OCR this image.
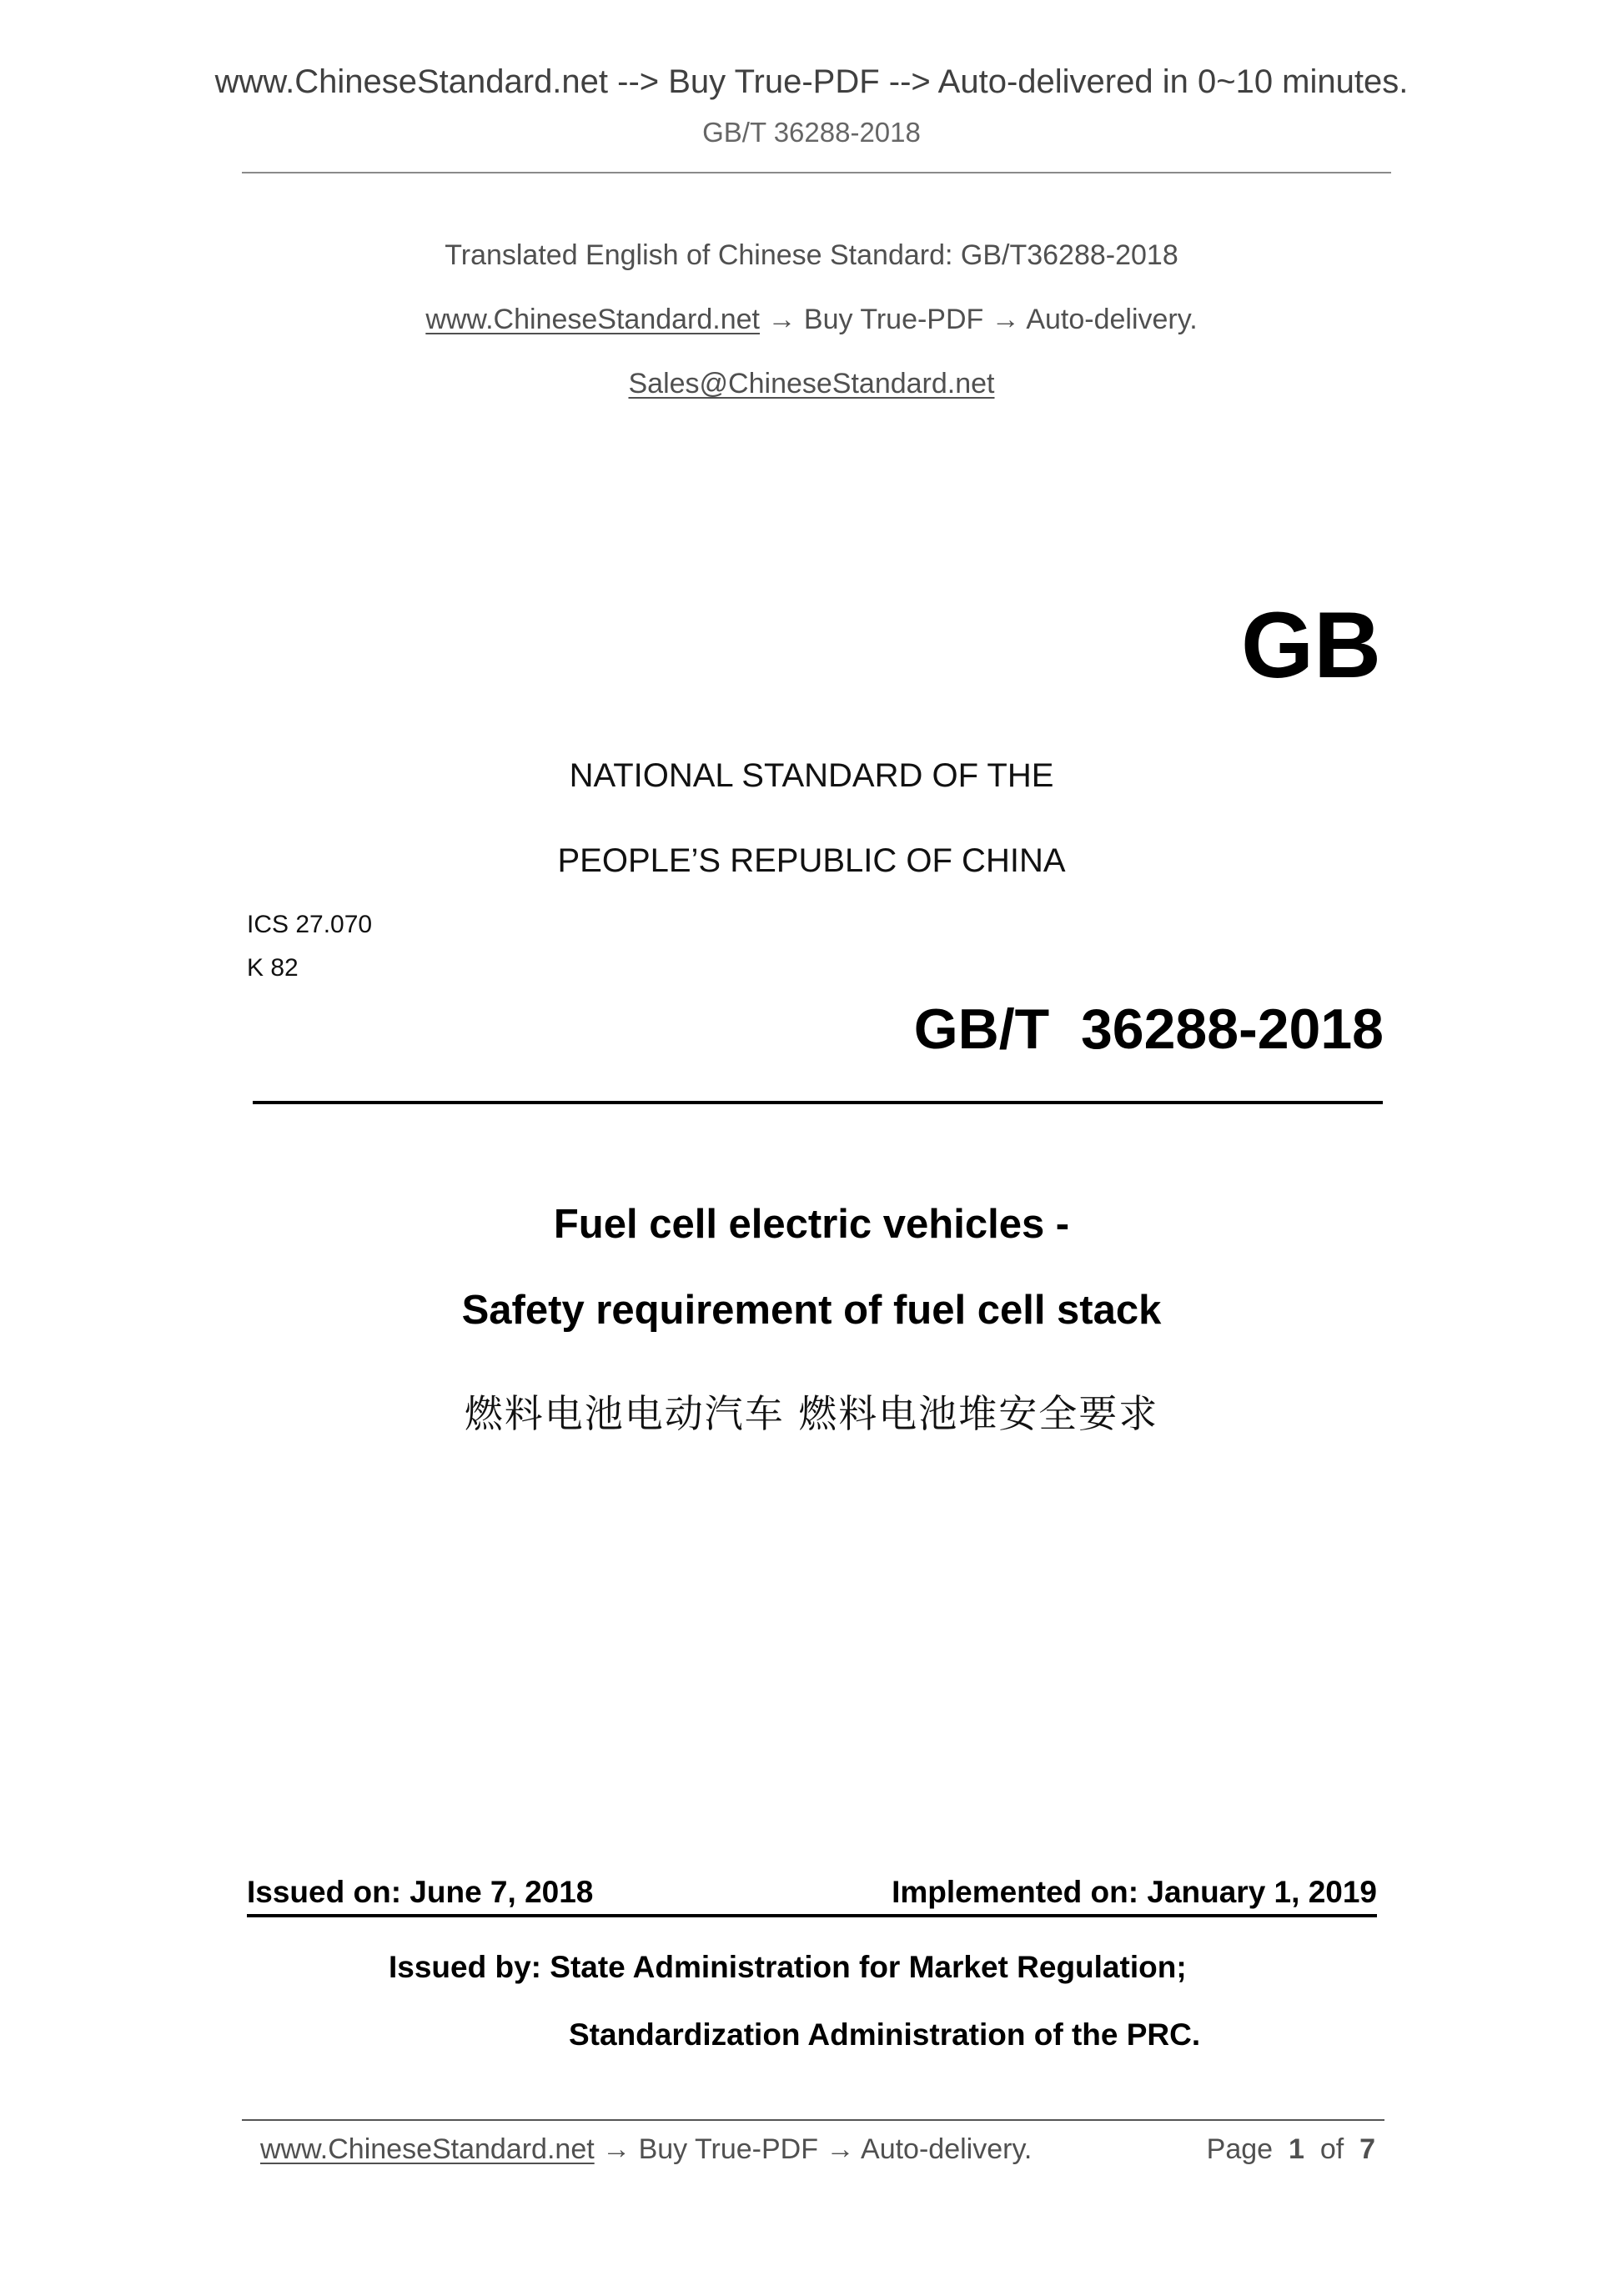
www.ChineseStandard.net --> Buy True-PDF --> Auto-delivered in 0~10 minutes.
GB/T 36288-2018
Translated English of Chinese Standard: GB/T36288-2018
www.ChineseStandard.net → Buy True-PDF → Auto-delivery.
Sales@ChineseStandard.net
GB
NATIONAL STANDARD OF THE
PEOPLE’S REPUBLIC OF CHINA
ICS 27.070
K 82
GB/T  36288-2018
Fuel cell electric vehicles -
Safety requirement of fuel cell stack
燃料电池电动汽车 燃料电池堆安全要求
Issued on: June 7, 2018	Implemented on: January 1, 2019
Issued by: State Administration for Market Regulation;
Standardization Administration of the PRC.
www.ChineseStandard.net → Buy True-PDF → Auto-delivery.	Page 1 of 7
